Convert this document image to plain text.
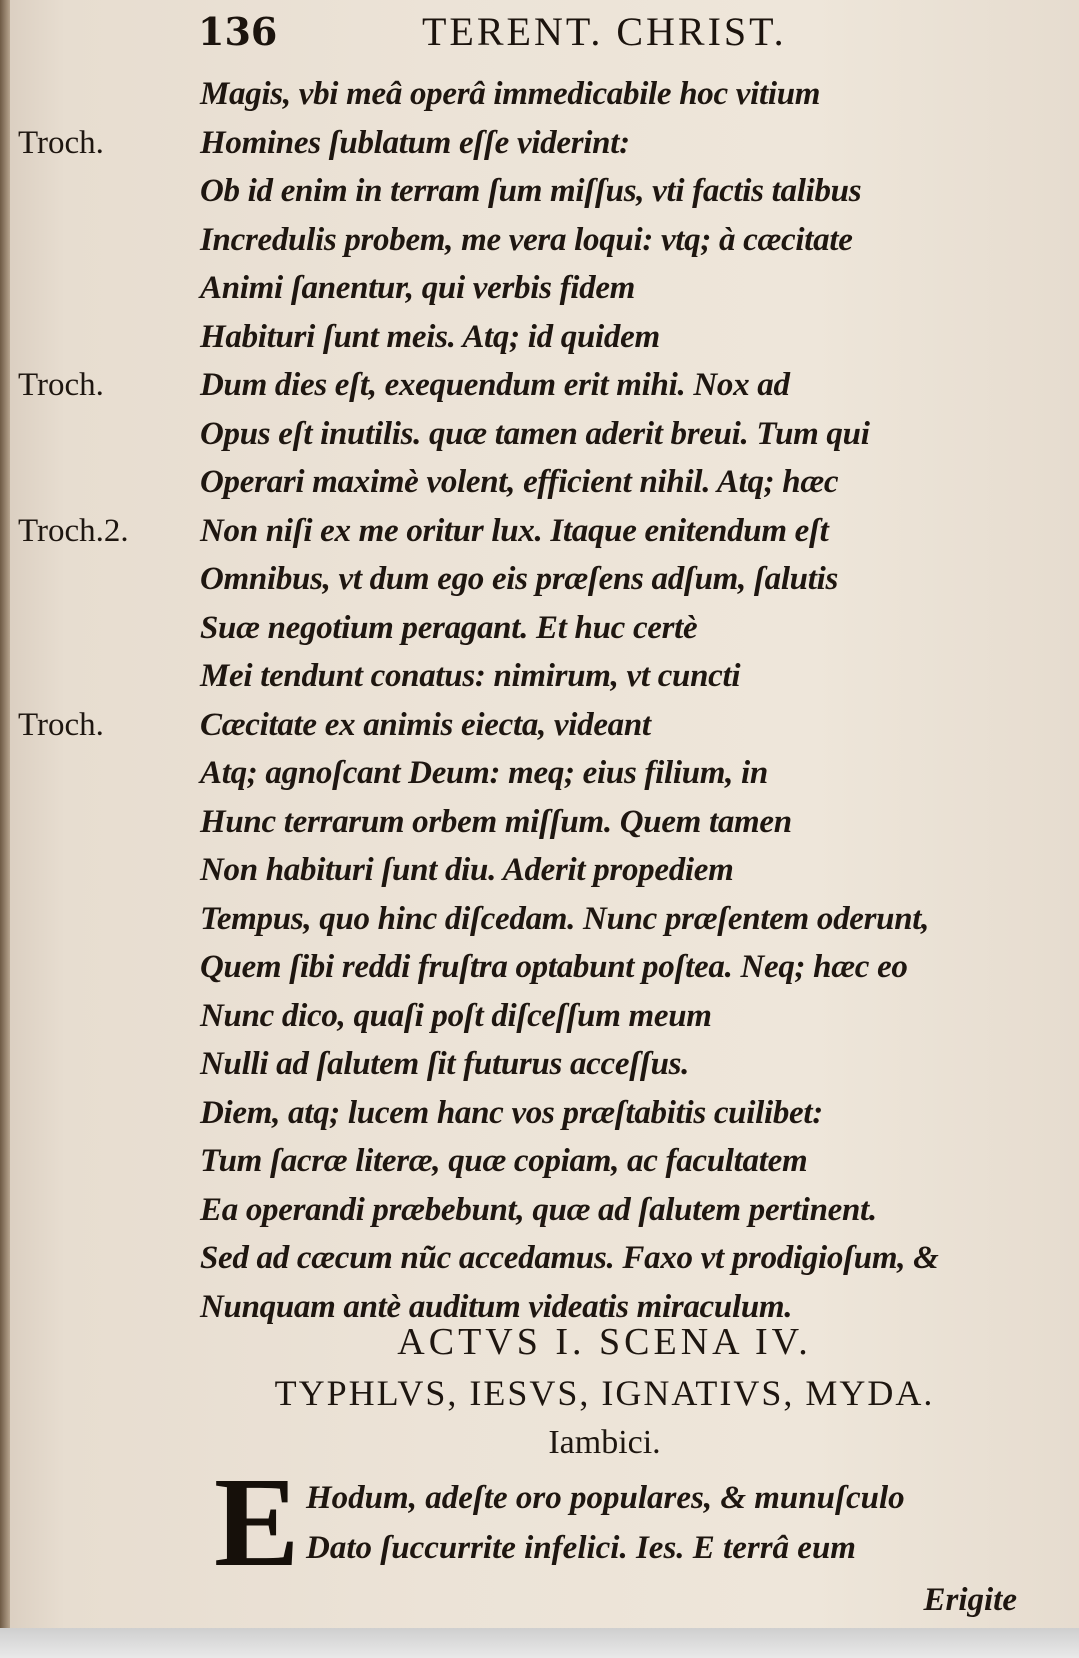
136	TERENT. CHRIST.
Magis, vbi meâ operâ immedicabile hoc vitium
Troch.	Homines ſublatum eſſe viderint:
Ob id enim in terram ſum miſſus, vti factis talibus
Incredulis probem, me vera loqui: vtq; à cæcitate
Animi ſanentur, qui verbis fidem
Habituri ſunt meis. Atq; id quidem
Troch.	Dum dies eſt, exequendum erit mihi. Nox ad
Opus eſt inutilis. quæ tamen aderit breui. Tum qui
Operari maximè volent, efficient nihil. Atq; hæc
Troch.2. Non niſi ex me oritur lux. Itaque enitendum eſt
Omnibus, vt dum ego eis præſens adſum, ſalutis
Suæ negotium peragant. Et huc certè
Mei tendunt conatus: nimirum, vt cuncti
Troch.	Cæcitate ex animis eiecta, videant
Atq; agnoſcant Deum: meq; eius filium, in
Hunc terrarum orbem miſſum. Quem tamen
Non habituri ſunt diu. Aderit propediem
Tempus, quo hinc diſcedam. Nunc præſentem oderunt,
Quem ſibi reddi fruſtra optabunt poſtea. Neq; hæc eo
Nunc dico, quaſi poſt diſceſſum meum
Nulli ad ſalutem ſit futurus acceſſus.
Diem, atq; lucem hanc vos præſtabitis cuilibet:
Tum ſacræ literæ, quæ copiam, ac facultatem
Ea operandi præbebunt, quæ ad ſalutem pertinent.
Sed ad cæcum nũc accedamus. Faxo vt prodigioſum, &
Nunquam antè auditum videatis miraculum.
ACTVS I. SCENA IV.
TYPHLVS, IESVS, IGNATIVS, MYDA.
Iambici.
E Hodum, adeſte oro populares, & munuſculo
Dato ſuccurrite infelici. Ies. E terrâ eum
Erigite
